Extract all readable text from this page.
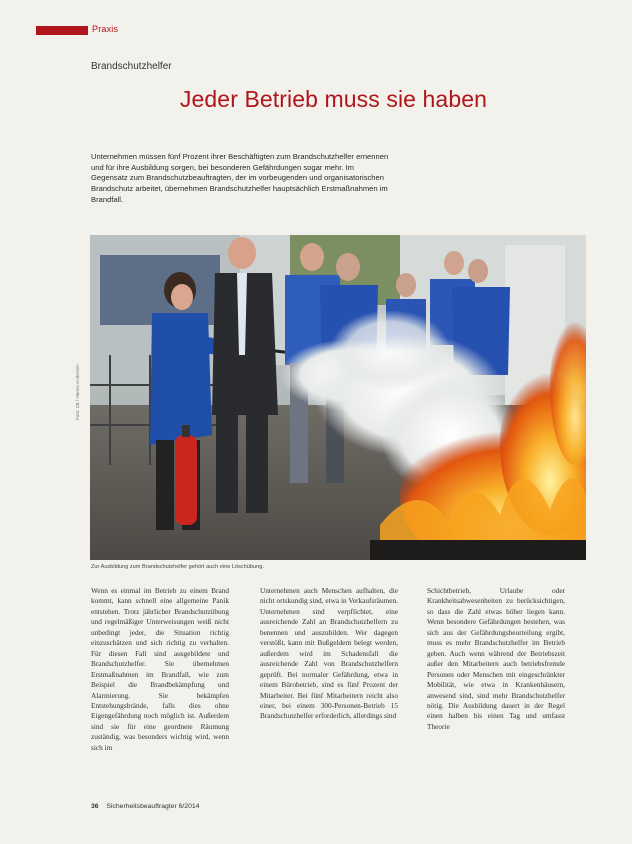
Praxis
Brandschutzhelfer
Jeder Betrieb muss sie haben

Unternehmen müssen fünf Prozent ihrer Beschäftigten zum Brandschutzhelfer ernennen und für ihre Ausbildung sorgen, bei besonderen Gefährdungen sogar mehr. Im Gegensatz zum Brandschutzbeauftragten, der im vorbeugenden und organisatorischen Brandschutz arbeitet, übernehmen Brandschutzhelfer hauptsächlich Erstmaßnahmen im Brandfall.

Foto: ZB / Hanno Andersen
Zur Ausbildung zum Brandschutzhelfer gehört auch eine Löschübung.

Wenn es einmal im Betrieb zu einem Brand kommt, kann schnell eine allgemeine Panik entstehen. Trotz jährlicher Brandschutzübung und regelmäßiger Unterweisungen weiß nicht unbedingt jeder, die Situation richtig einzuschätzen und sich richtig zu verhalten. Für diesen Fall sind ausgebildete und Brandschutzhelfer. Sie übernehmen Erstmaßnahmen im Brandfall, wie zum Beispiel die Brandbekämpfung und Alarmierung. Sie bekämpfen Entstehungsbrände, falls dies ohne Eigengefährdung noch möglich ist. Außerdem sind sie für eine geordnete Räumung zuständig, was besonders wichtig wird, wenn sich im

Unternehmen auch Menschen aufhalten, die nicht ortskundig sind, etwa in Verkaufsräumen. Unternehmen sind verpflichtet, eine ausreichende Zahl an Brandschutzhelfern zu benennen und auszubilden. Wer dagegen verstößt, kann mit Bußgeldern belegt werden, außerdem wird im Schadensfall die ausreichende Zahl von Brandschutzhelfern geprüft. Bei normaler Gefährdung, etwa in einem Bürobetrieb, sind es fünf Prozent der Mitarbeiter. Bei fünf Mitarbeitern reicht also einer, bei einem 300-Personen-Betrieb 15 Brandschutzhelfer erforderlich, allerdings sind

Schichtbetrieb, Urlaube oder Krankheitsabwesenheiten zu berücksichtigen, so dass die Zahl etwas höher liegen kann. Wenn besondere Gefährdungen bestehen, was sich aus der Gefährdungsbeurteilung ergibt, muss es mehr Brandschutzhelfer im Betrieb geben. Auch wenn während der Betriebszeit außer den Mitarbeitern auch betriebsfremde Personen oder Menschen mit eingeschränkter Mobilität, wie etwa in Krankenhäusern, anwesend sind, sind mehr Brandschutzhelfer nötig. Die Ausbildung dauert in der Regel einen halben bis einen Tag und umfasst Theorie

36 Sicherheitsbeauftragter 6/2014
